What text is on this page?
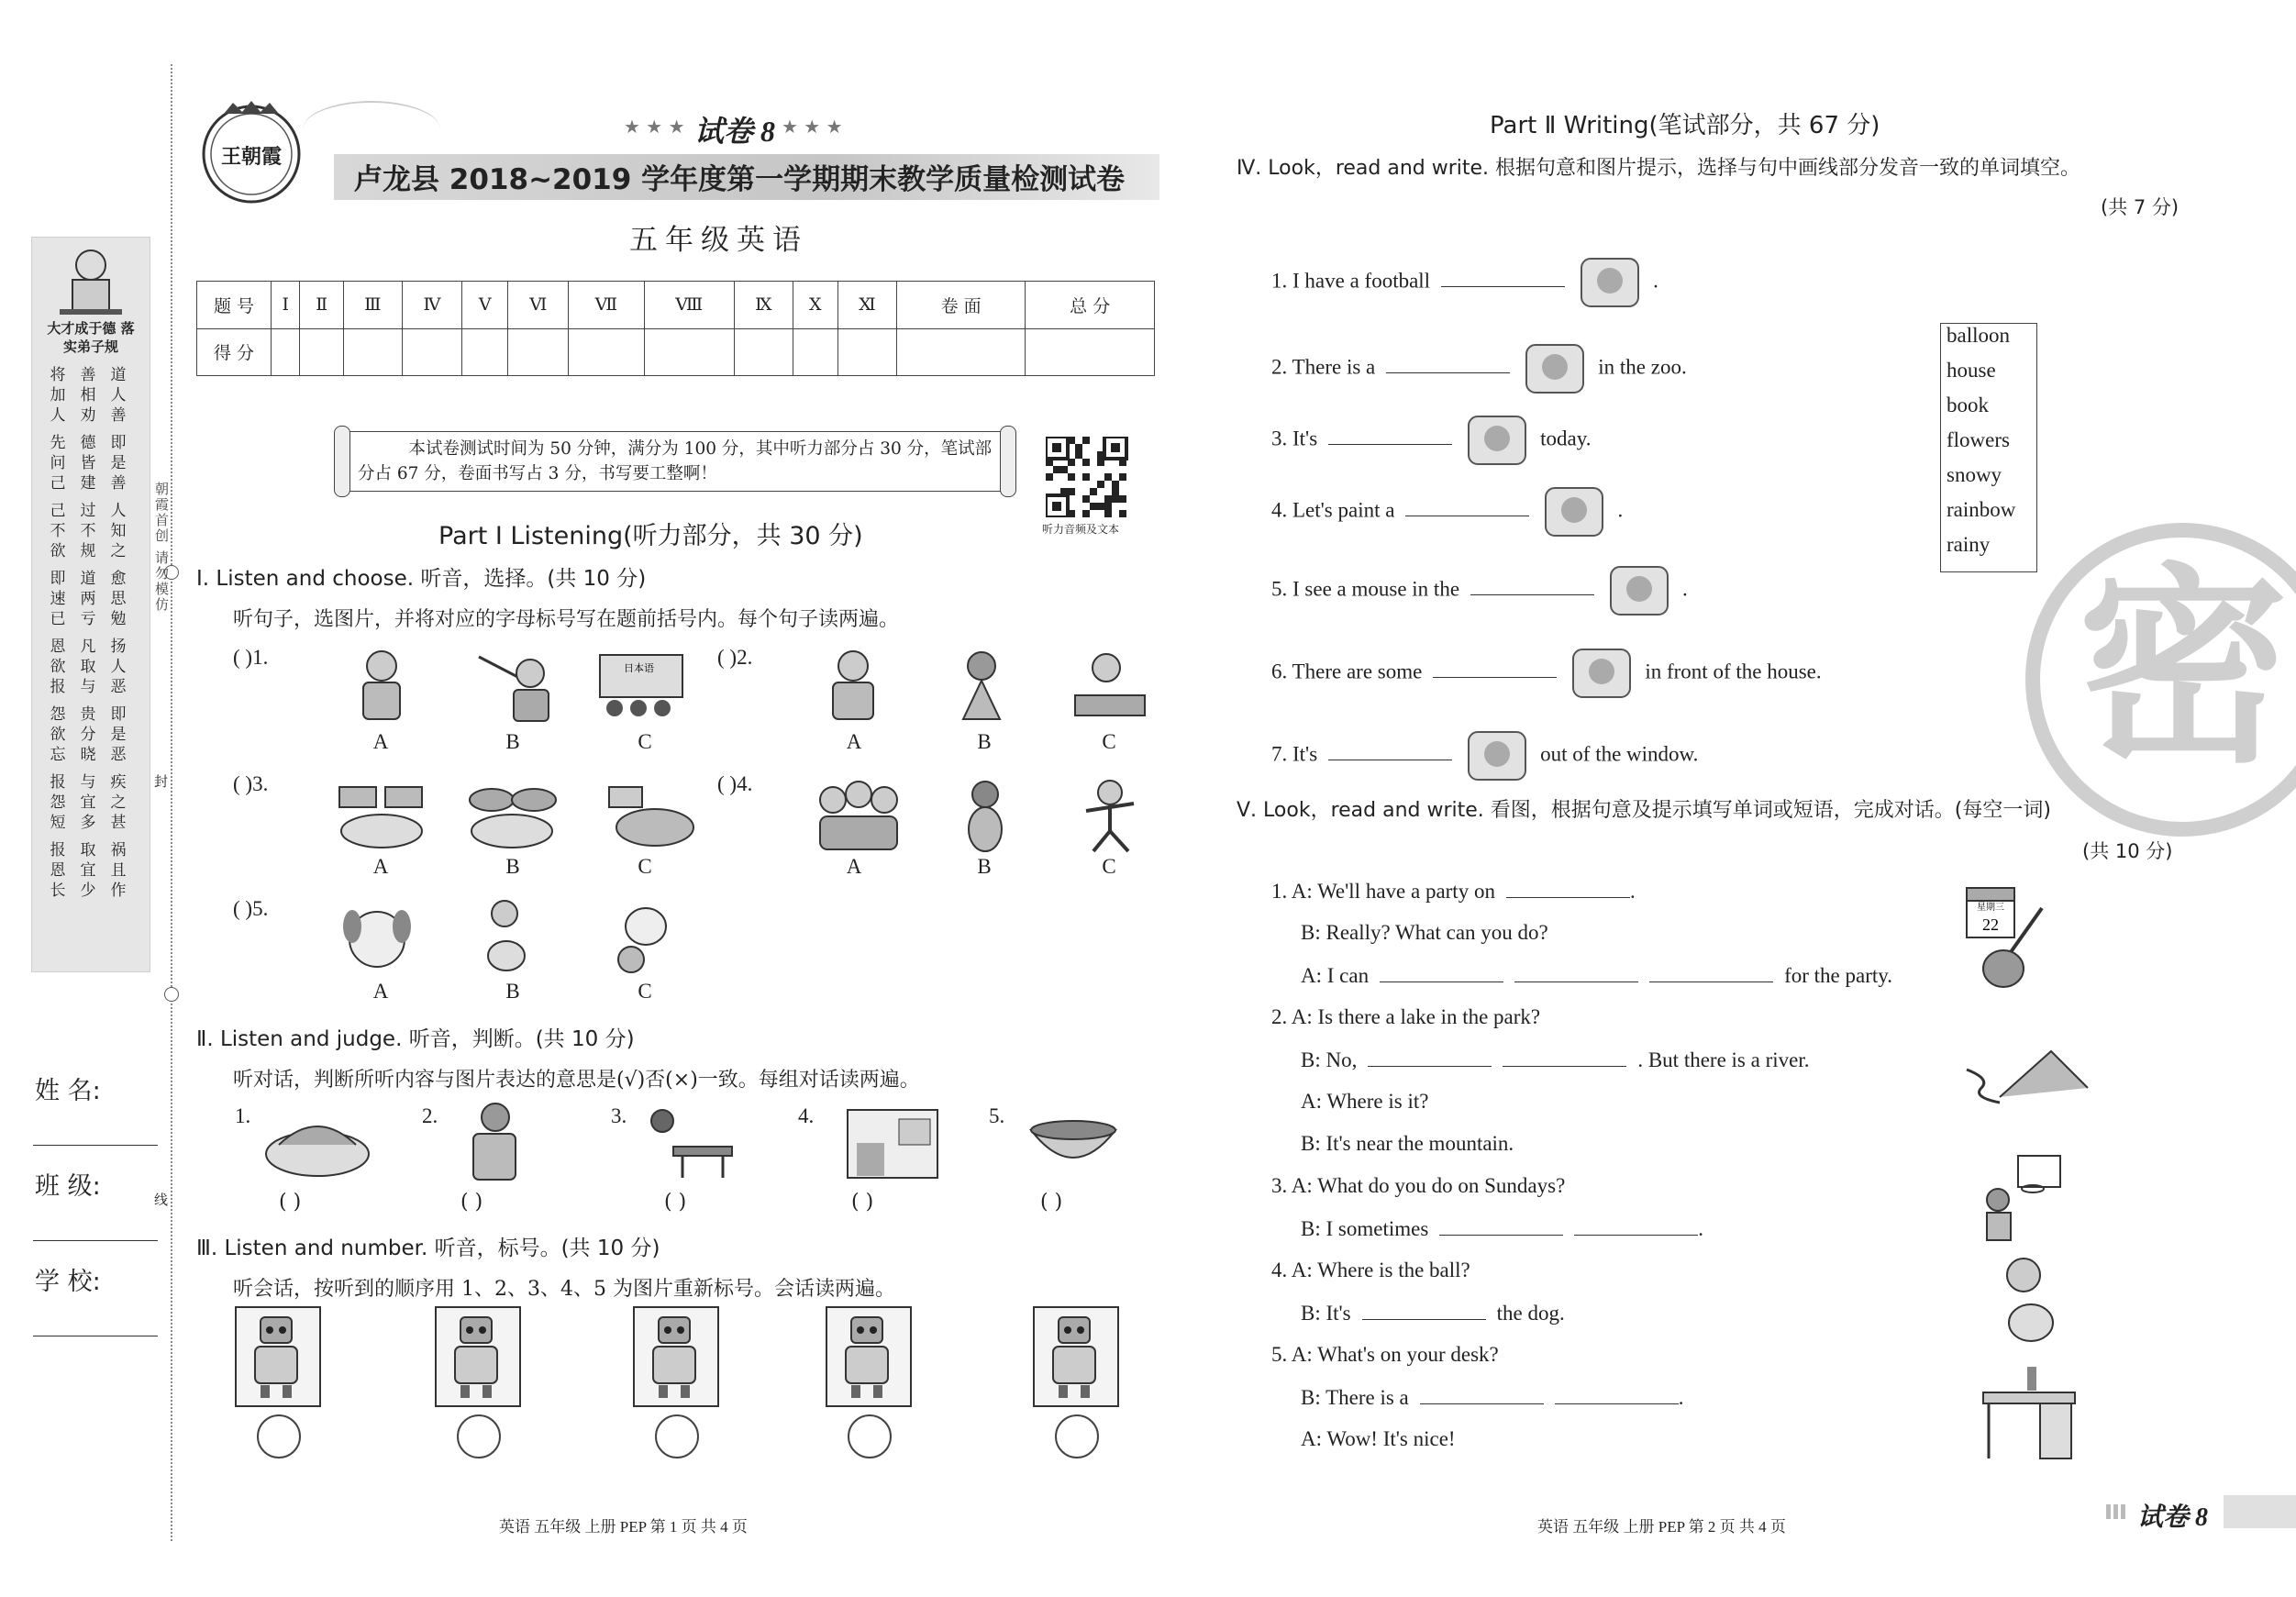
封
线
朝霞首创 请勿模仿
大才成于德 落实弟子规
将加人
善相劝
道人善
先问己
德皆建
即是善
己不欲
过不规
人知之
即速已
道两亏
愈思勉
恩欲报
凡取与
扬人恶
怨欲忘
贵分晓
即是恶
报怨短
与宜多
疾之甚
报恩长
取宜少
祸且作
姓 名:
班 级:
学 校:
王朝霞
★ ★ ★ 试卷 8 ★ ★ ★
卢龙县 2018~2019 学年度第一学期期末教学质量检测试卷
五年级英语
题 号	Ⅰ	Ⅱ	Ⅲ	Ⅳ	Ⅴ	Ⅵ	Ⅶ	Ⅷ	Ⅸ	Ⅹ	Ⅺ	卷 面	总 分
得 分													
本试卷测试时间为 50 分钟，满分为 100 分，其中听力部分占 30 分，笔试部分占 67 分，卷面书写占 3 分，书写要工整啊！
听力音频及文本
Part Ⅰ Listening(听力部分，共 30 分)
Ⅰ. Listen and choose. 听音，选择。(共 10 分)
听句子，选图片，并将对应的字母标号写在题前括号内。每个句子读两遍。
( )1.	( )2.
( )3.	( )4.
( )5.
日本语
A	B	C	A	B	C
A	B	C	A	B	C
A	B	C
Ⅱ. Listen and judge. 听音，判断。(共 10 分)
听对话，判断所听内容与图片表达的意思是(√)否(×)一致。每组对话读两遍。
1.	2.	3.	4.	5.
( )	( )	( )	( )	( )
Ⅲ. Listen and number. 听音，标号。(共 10 分)
听会话，按听到的顺序用 1、2、3、4、5 为图片重新标号。会话读两遍。
英语 五年级 上册 PEP 第 1 页 共 4 页
Part Ⅱ Writing(笔试部分，共 67 分)
Ⅳ. Look，read and write. 根据句意和图片提示，选择与句中画线部分发音一致的单词填空。
(共 7 分)
1. I have a football	.
2. There is a	in the zoo.
3. It's	today.
4. Let's paint a	.
5. I see a mouse in the	.
6. There are some	in front of the house.
7. It's	out of the window.
balloon
house
book
flowers
snowy
rainbow
rainy
密
Ⅴ. Look，read and write. 看图，根据句意及提示填写单词或短语，完成对话。(每空一词)
(共 10 分)
1. A: We'll have a party on	.
B: Really? What can you do?
A: I can	for the party.
2. A: Is there a lake in the park?
B: No,	. But there is a river.
A: Where is it?
B: It's near the mountain.
3. A: What do you do on Sundays?
B: I sometimes	.
4. A: Where is the ball?
B: It's	the dog.
5. A: What's on your desk?
B: There is a	.
A: Wow! It's nice!
星期三
22
英语 五年级 上册 PEP 第 2 页 共 4 页	试卷 8
